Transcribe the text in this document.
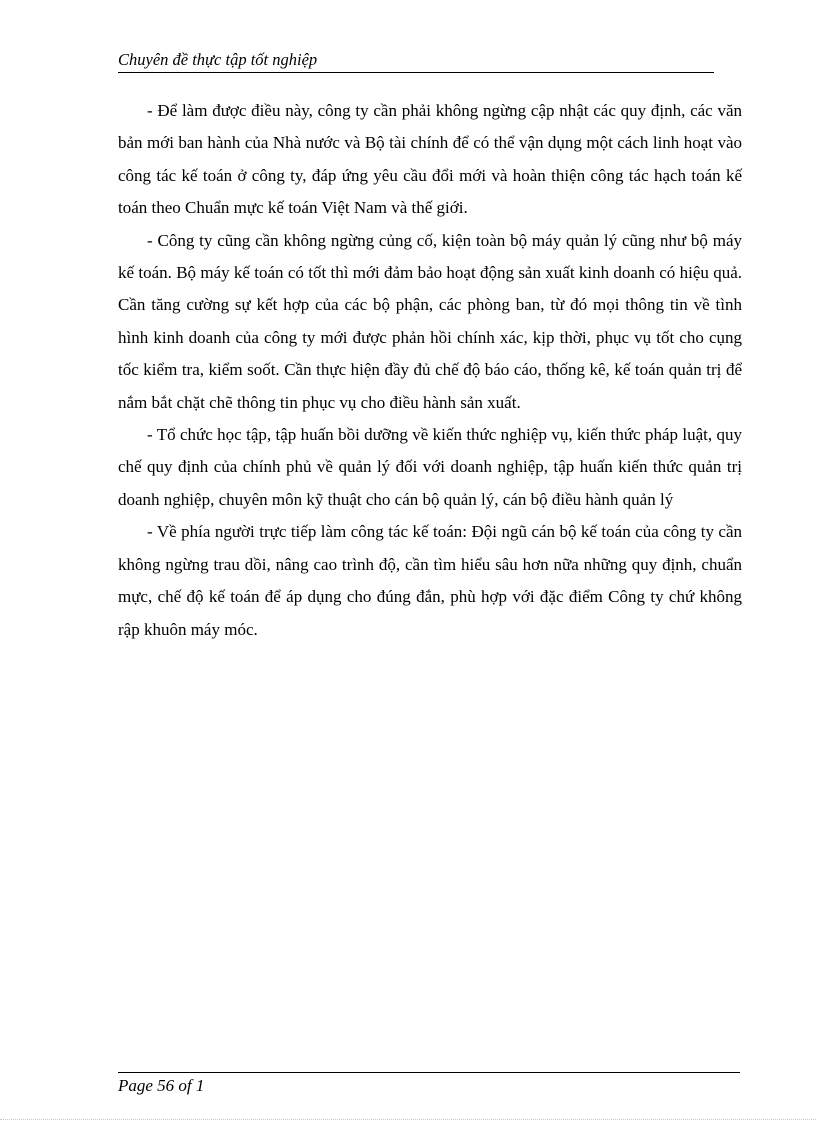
Chuyên đề thực tập tốt nghiệp

- Để làm được điều này, công ty cần phải không ngừng cập nhật các quy định, các văn bản mới ban hành của Nhà nước và Bộ tài chính để có thể vận dụng một cách linh hoạt vào công tác kế toán ở công ty, đáp ứng yêu cầu đổi mới và hoàn thiện công tác hạch toán kế toán theo Chuẩn mực kế toán Việt Nam và thế giới.

- Công ty cũng cần không ngừng củng cố, kiện toàn bộ máy quản lý cũng như bộ máy kế toán. Bộ máy kế toán có tốt thì mới đảm bảo hoạt động sản xuất kinh doanh có hiệu quả. Cần tăng cường sự kết hợp của các bộ phận, các phòng ban, từ đó mọi thông tin về tình hình kinh doanh của công ty mới được phản hồi chính xác, kịp thời, phục vụ tốt cho cụng tốc kiểm tra, kiểm soốt. Cần thực hiện đầy đủ chế độ báo cáo, thống kê, kế toán quản trị để nắm bắt chặt chẽ thông tin phục vụ cho điều hành sản xuất.

- Tổ chức học tập, tập huấn bồi dưỡng về kiến thức nghiệp vụ, kiến thức pháp luật, quy chế quy định của chính phủ về quản lý đối với doanh nghiệp, tập huấn kiến thức quản trị doanh nghiệp, chuyên môn kỹ thuật cho cán bộ quản lý, cán bộ điều hành quản lý

- Về phía người trực tiếp làm công tác kế toán: Đội ngũ cán bộ kế toán của công ty cần không ngừng trau dồi, nâng cao trình độ, cần tìm hiểu sâu hơn nữa những quy định, chuẩn mực, chế độ kế toán để áp dụng cho đúng đắn, phù hợp với đặc điểm Công ty chứ không rập khuôn máy móc.

Page 56 of 1
